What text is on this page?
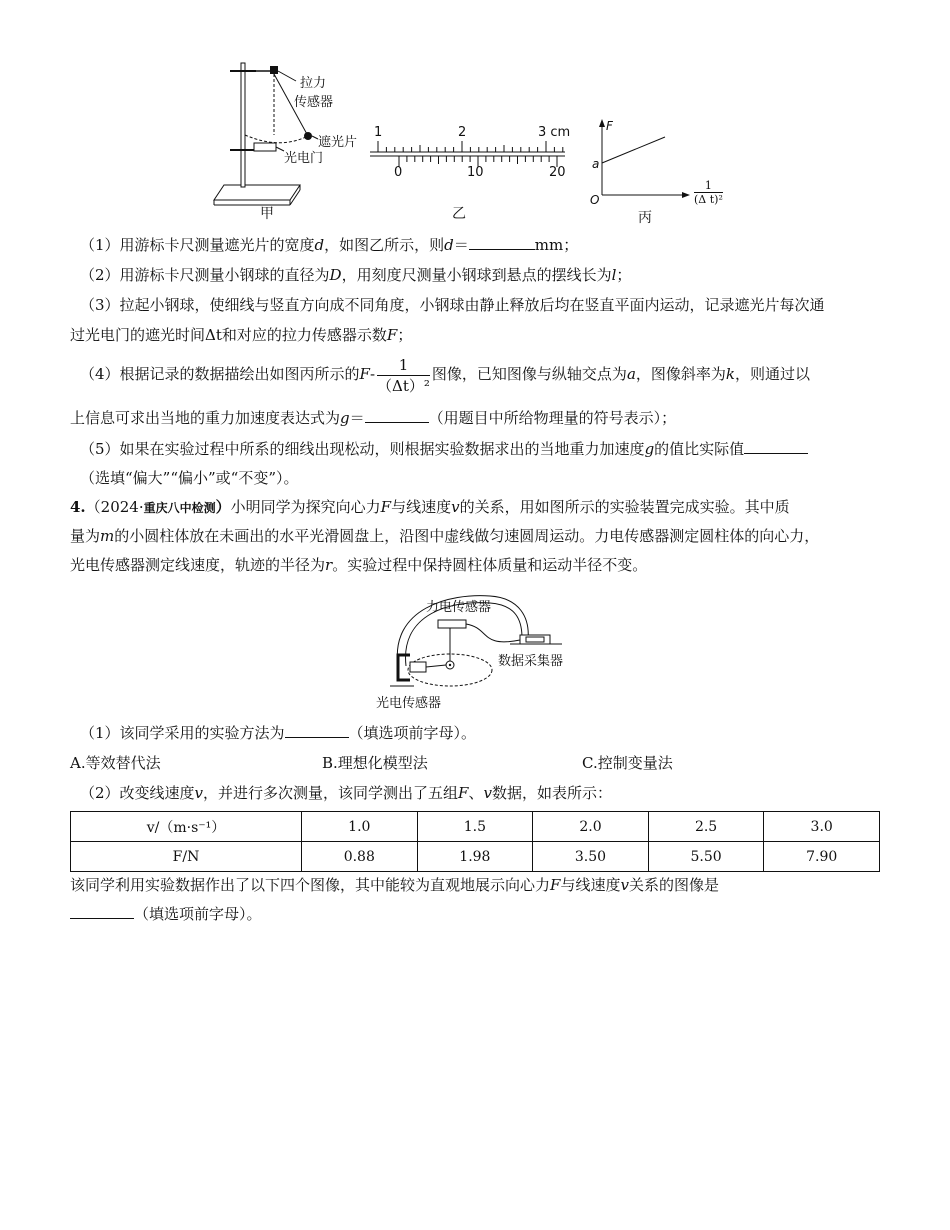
拉力
传感器
遮光片
光电门
1	2	3 cm
0	10	20
F
a
O
1
(Δ t)²
甲	乙	丙
（1）用游标卡尺测量遮光片的宽度d，如图乙所示，则d＝	mm；
（2）用游标卡尺测量小钢球的直径为D，用刻度尺测量小钢球到悬点的摆线长为l；
（3）拉起小钢球，使细线与竖直方向成不同角度，小钢球由静止释放后均在竖直平面内运动，记录遮光片每次通
过光电门的遮光时间Δt和对应的拉力传感器示数F；
（4）根据记录的数据描绘出如图丙所示的$F- \frac{1}{\text{（Δt）²}}$ 图像，已知图像与纵轴交点为a，图像斜率为k，则通过以
上信息可求出当地的重力加速度表达式为g＝	（用题目中所给物理量的符号表示）；
（5）如果在实验过程中所系的细线出现松动，则根据实验数据求出的当地重力加速度g的值比实际值
（选填“偏大”“偏小”或“不变”）。
4.（2024·重庆八中检测）小明同学为探究向心力F与线速度v的关系，用如图所示的实验装置完成实验。其中质
量为m的小圆柱体放在未画出的水平光滑圆盘上，沿图中虚线做匀速圆周运动。力电传感器测定圆柱体的向心力，
光电传感器测定线速度，轨迹的半径为r。实验过程中保持圆柱体质量和运动半径不变。
力电传感器
数据采集器
光电传感器
（1）该同学采用的实验方法为	（填选项前字母）。
A.等效替代法	B.理想化模型法	C.控制变量法
（2）改变线速度v，并进行多次测量，该同学测出了五组F、v数据，如表所示：
v/（m·s⁻¹）	1.0	1.5	2.0	2.5	3.0
F/N	0.88	1.98	3.50	5.50	7.90
该同学利用实验数据作出了以下四个图像，其中能较为直观地展示向心力F与线速度v关系的图像是
（填选项前字母）。
